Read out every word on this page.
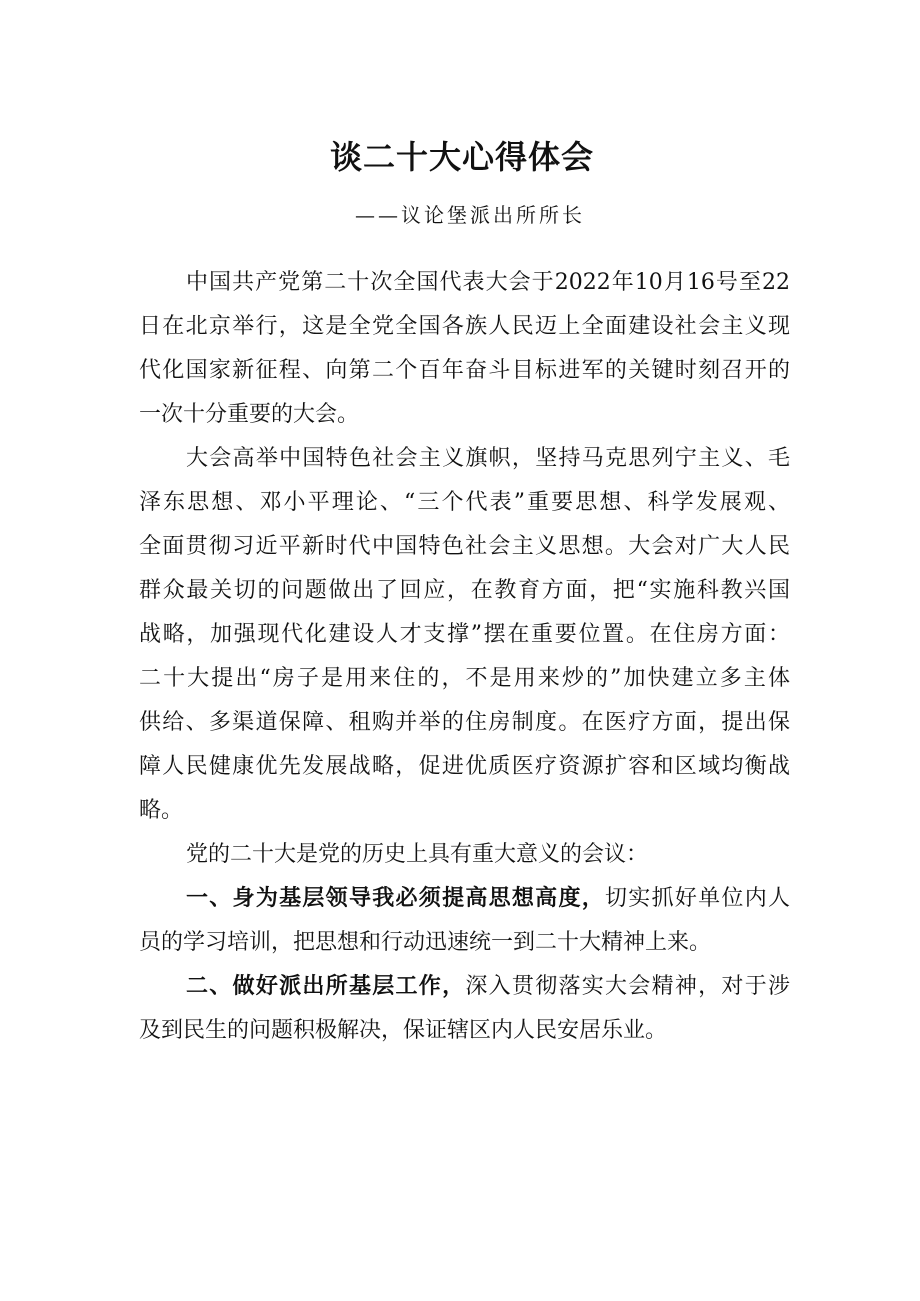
谈二十大心得体会
——议论堡派出所所长
中国共产党第二十次全国代表大会于2022年10月16号至22
日在北京举行，这是全党全国各族人民迈上全面建设社会主义现
代化国家新征程、向第二个百年奋斗目标进军的关键时刻召开的
一次十分重要的大会。
大会高举中国特色社会主义旗帜，坚持马克思列宁主义、毛
泽东思想、邓小平理论、“三个代表”重要思想、科学发展观、
全面贯彻习近平新时代中国特色社会主义思想。大会对广大人民
群众最关切的问题做出了回应，在教育方面，把“实施科教兴国
战略，加强现代化建设人才支撑”摆在重要位置。在住房方面：
二十大提出“房子是用来住的，不是用来炒的”加快建立多主体
供给、多渠道保障、租购并举的住房制度。在医疗方面，提出保
障人民健康优先发展战略，促进优质医疗资源扩容和区域均衡战
略。
党的二十大是党的历史上具有重大意义的会议：
一、身为基层领导我必须提高思想高度，切实抓好单位内人
员的学习培训，把思想和行动迅速统一到二十大精神上来。
二、做好派出所基层工作，深入贯彻落实大会精神，对于涉
及到民生的问题积极解决，保证辖区内人民安居乐业。
